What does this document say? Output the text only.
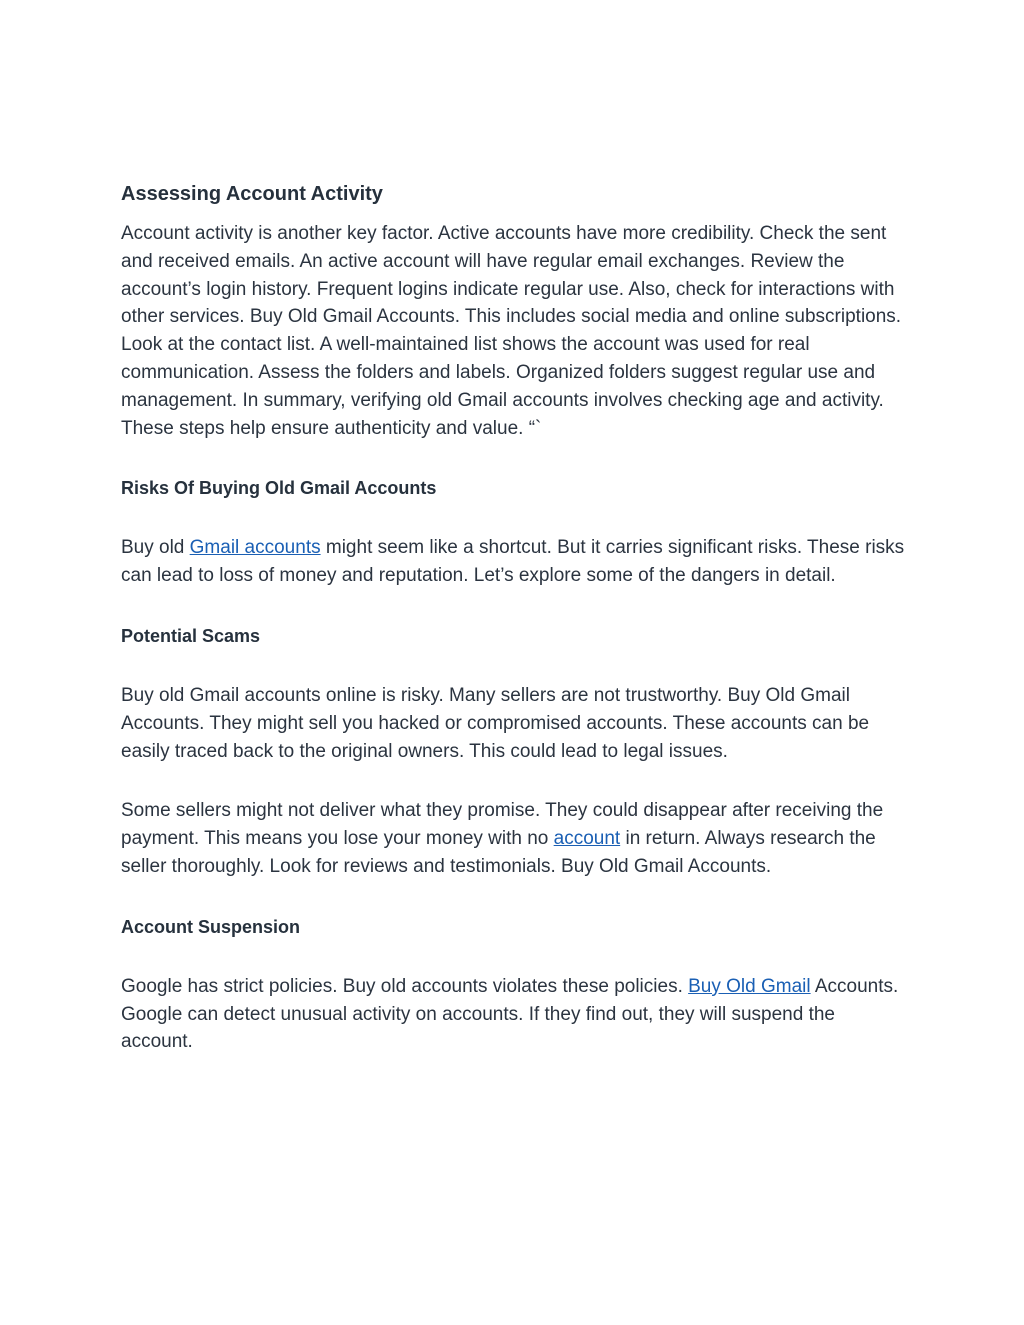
Assessing Account Activity

Account activity is another key factor. Active accounts have more credibility. Check the sent and received emails. An active account will have regular email exchanges. Review the account’s login history. Frequent logins indicate regular use. Also, check for interactions with other services. Buy Old Gmail Accounts. This includes social media and online subscriptions. Look at the contact list. A well-maintained list shows the account was used for real communication. Assess the folders and labels. Organized folders suggest regular use and management. In summary, verifying old Gmail accounts involves checking age and activity. These steps help ensure authenticity and value. “`

Risks Of Buying Old Gmail Accounts

Buy old Gmail accounts might seem like a shortcut. But it carries significant risks. These risks can lead to loss of money and reputation. Let’s explore some of the dangers in detail.

Potential Scams

Buy old Gmail accounts online is risky. Many sellers are not trustworthy. Buy Old Gmail Accounts. They might sell you hacked or compromised accounts. These accounts can be easily traced back to the original owners. This could lead to legal issues.

Some sellers might not deliver what they promise. They could disappear after receiving the payment. This means you lose your money with no account in return. Always research the seller thoroughly. Look for reviews and testimonials. Buy Old Gmail Accounts.

Account Suspension

Google has strict policies. Buy old accounts violates these policies. Buy Old Gmail Accounts. Google can detect unusual activity on accounts. If they find out, they will suspend the account.
